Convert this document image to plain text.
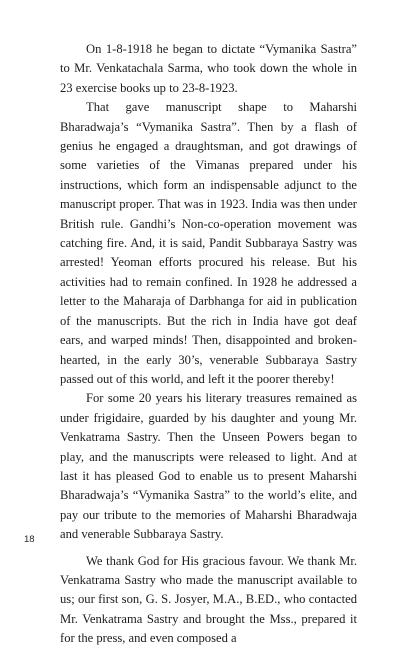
On 1-8-1918 he began to dictate “Vymanika Sastra” to Mr. Venkatachala Sarma, who took down the whole in 23 exercise books up to 23-8-1923.

That gave manuscript shape to Maharshi Bharadwaja’s “Vymanika Sastra”. Then by a flash of genius he engaged a draughtsman, and got drawings of some varieties of the Vimanas prepared under his instructions, which form an indispensable adjunct to the manuscript proper. That was in 1923. India was then under British rule. Gandhi’s Non-co-operation movement was catching fire. And, it is said, Pandit Subbaraya Sastry was arrested! Yeoman efforts procured his release. But his activities had to remain confined. In 1928 he addressed a letter to the Maharaja of Darbhanga for aid in publication of the manuscripts. But the rich in India have got deaf ears, and warped minds! Then, disappointed and broken-hearted, in the early 30’s, venerable Subbaraya Sastry passed out of this world, and left it the poorer thereby!

For some 20 years his literary treasures remained as under frigidaire, guarded by his daughter and young Mr. Venkatrama Sastry. Then the Unseen Powers began to play, and the manuscripts were released to light. And at last it has pleased God to enable us to present Maharshi Bharadwaja’s “Vymanika Sastra” to the world’s elite, and pay our tribute to the memories of Maharshi Bharadwaja and venerable Subbaraya Sastry.

We thank God for His gracious favour. We thank Mr. Venkatrama Sastry who made the manuscript available to us; our first son, G. S. Josyer, M.A., B.ED., who contacted Mr. Venkatrama Sastry and brought the Mss., prepared it for the press, and even composed a

18
